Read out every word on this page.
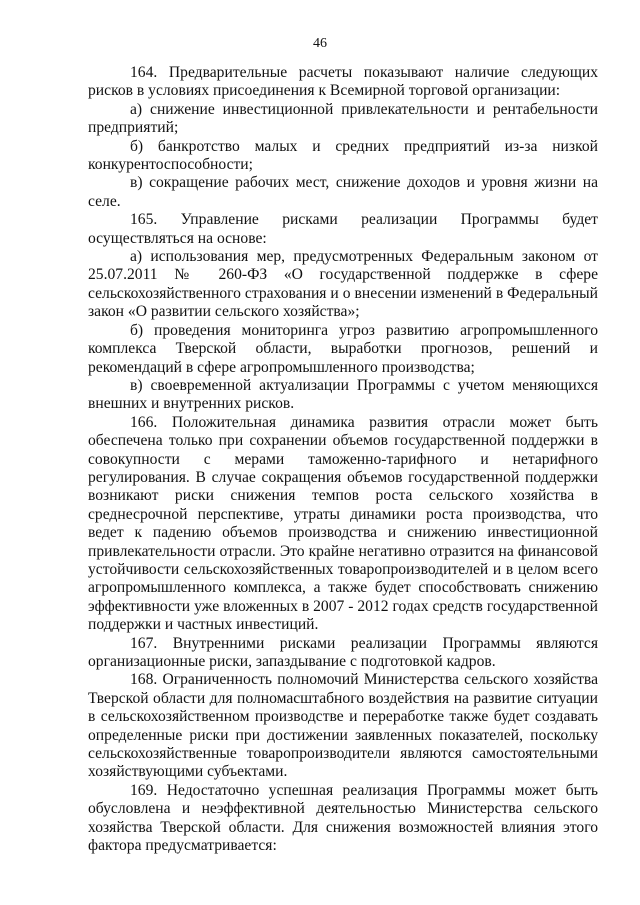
46

164. Предварительные расчеты показывают наличие следующих рисков в условиях присоединения к Всемирной торговой организации:

а) снижение инвестиционной привлекательности и рентабельности предприятий;

б) банкротство малых и средних предприятий из-за низкой конкурентоспособности;

в) сокращение рабочих мест, снижение доходов и уровня жизни на селе.

165. Управление рисками реализации Программы будет осуществляться на основе:

а) использования мер, предусмотренных Федеральным законом от 25.07.2011 № 260-ФЗ «О государственной поддержке в сфере сельскохозяйственного страхования и о внесении изменений в Федеральный закон «О развитии сельского хозяйства»;

б) проведения мониторинга угроз развитию агропромышленного комплекса Тверской области, выработки прогнозов, решений и рекомендаций в сфере агропромышленного производства;

в) своевременной актуализации Программы с учетом меняющихся внешних и внутренних рисков.

166. Положительная динамика развития отрасли может быть обеспечена только при сохранении объемов государственной поддержки в совокупности с мерами таможенно-тарифного и нетарифного регулирования. В случае сокращения объемов государственной поддержки возникают риски снижения темпов роста сельского хозяйства в среднесрочной перспективе, утраты динамики роста производства, что ведет к падению объемов производства и снижению инвестиционной привлекательности отрасли. Это крайне негативно отразится на финансовой устойчивости сельскохозяйственных товаропроизводителей и в целом всего агропромышленного комплекса, а также будет способствовать снижению эффективности уже вложенных в 2007 - 2012 годах средств государственной поддержки и частных инвестиций.

167. Внутренними рисками реализации Программы являются организационные риски, запаздывание с подготовкой кадров.

168. Ограниченность полномочий Министерства сельского хозяйства Тверской области для полномасштабного воздействия на развитие ситуации в сельскохозяйственном производстве и переработке также будет создавать определенные риски при достижении заявленных показателей, поскольку сельскохозяйственные товаропроизводители являются самостоятельными хозяйствующими субъектами.

169. Недостаточно успешная реализация Программы может быть обусловлена и неэффективной деятельностью Министерства сельского хозяйства Тверской области. Для снижения возможностей влияния этого фактора предусматривается:
